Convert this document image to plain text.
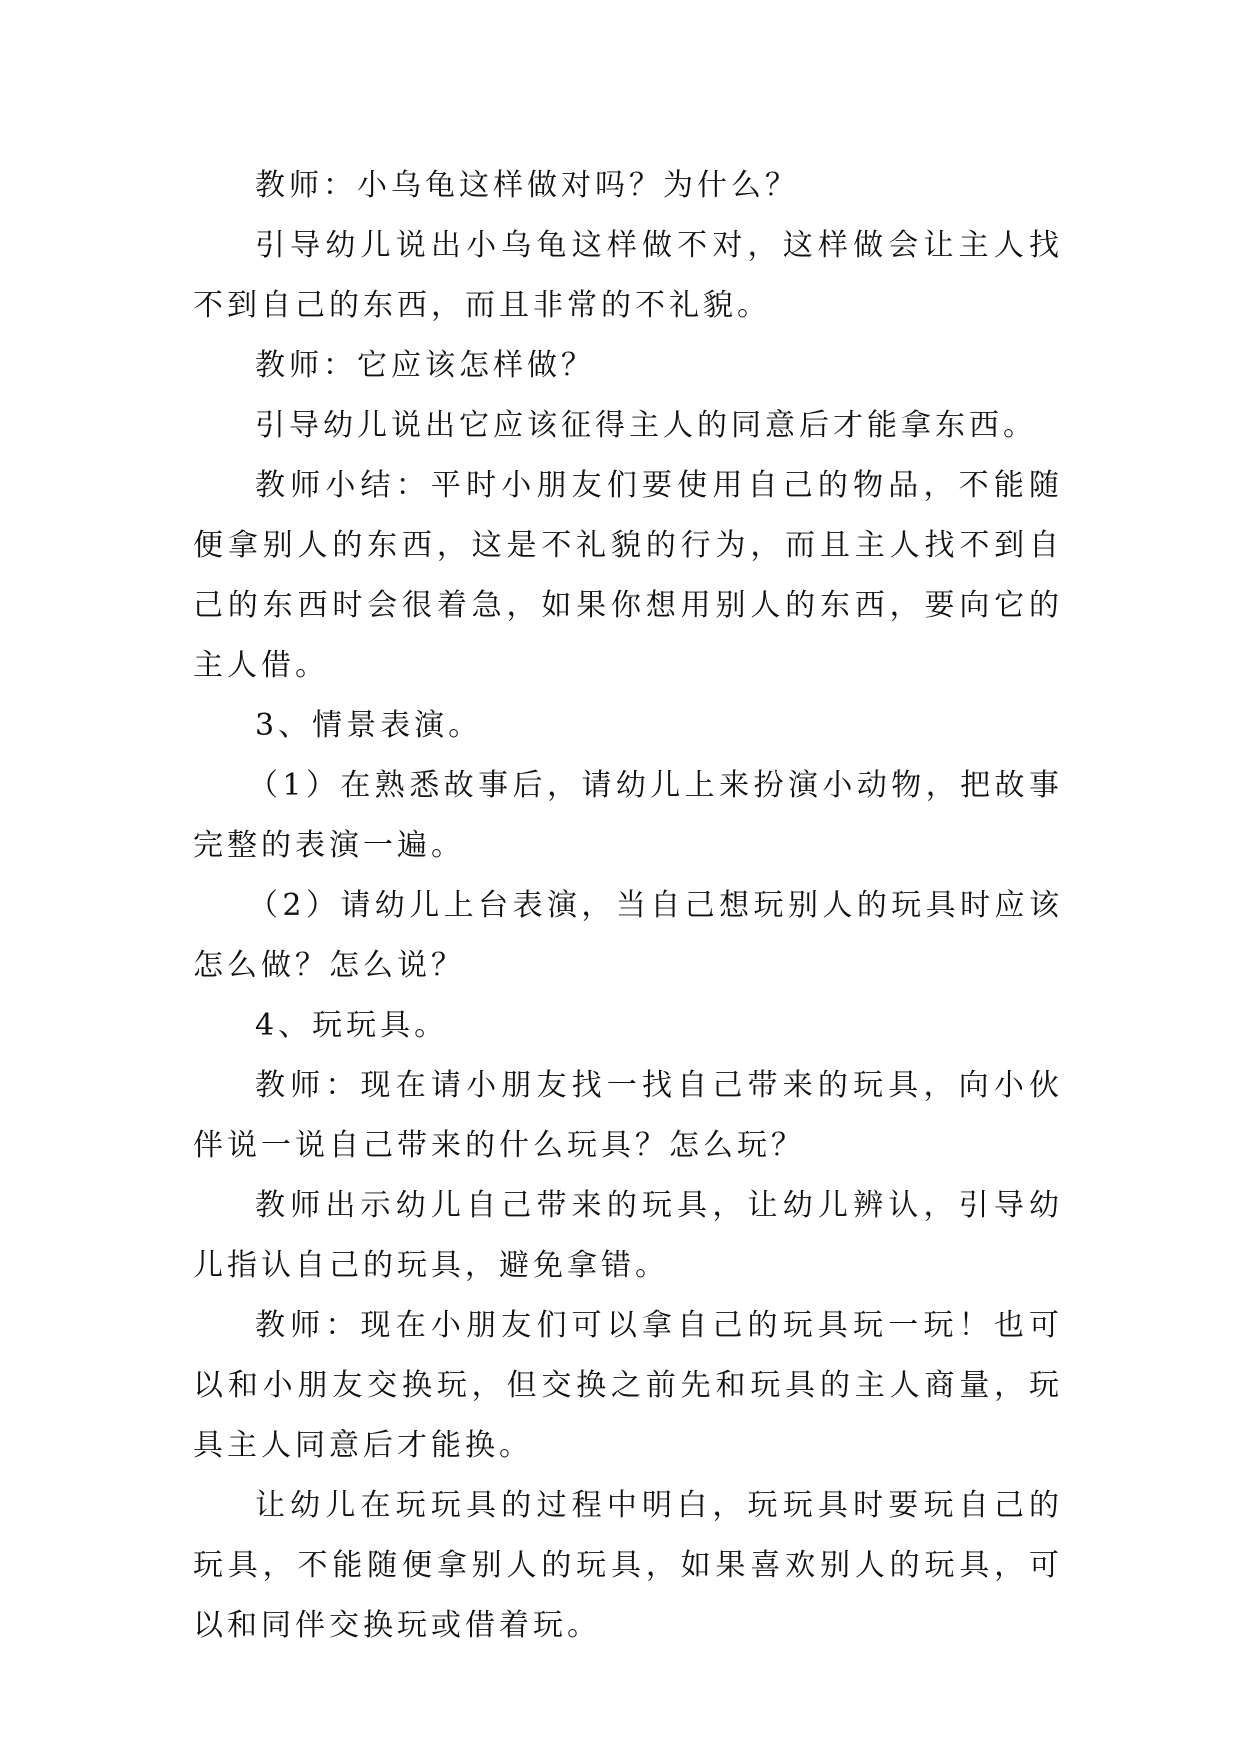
教师：小乌龟这样做对吗？为什么？

引导幼儿说出小乌龟这样做不对，这样做会让主人找不到自己的东西，而且非常的不礼貌。

教师：它应该怎样做？

引导幼儿说出它应该征得主人的同意后才能拿东西。

教师小结：平时小朋友们要使用自己的物品，不能随便拿别人的东西，这是不礼貌的行为，而且主人找不到自己的东西时会很着急，如果你想用别人的东西，要向它的主人借。

3、情景表演。

（1）在熟悉故事后，请幼儿上来扮演小动物，把故事完整的表演一遍。

（2）请幼儿上台表演，当自己想玩别人的玩具时应该怎么做？怎么说？

4、玩玩具。

教师：现在请小朋友找一找自己带来的玩具，向小伙伴说一说自己带来的什么玩具？怎么玩？

教师出示幼儿自己带来的玩具，让幼儿辨认，引导幼儿指认自己的玩具，避免拿错。

教师：现在小朋友们可以拿自己的玩具玩一玩！也可以和小朋友交换玩，但交换之前先和玩具的主人商量，玩具主人同意后才能换。

让幼儿在玩玩具的过程中明白，玩玩具时要玩自己的玩具，不能随便拿别人的玩具，如果喜欢别人的玩具，可以和同伴交换玩或借着玩。
